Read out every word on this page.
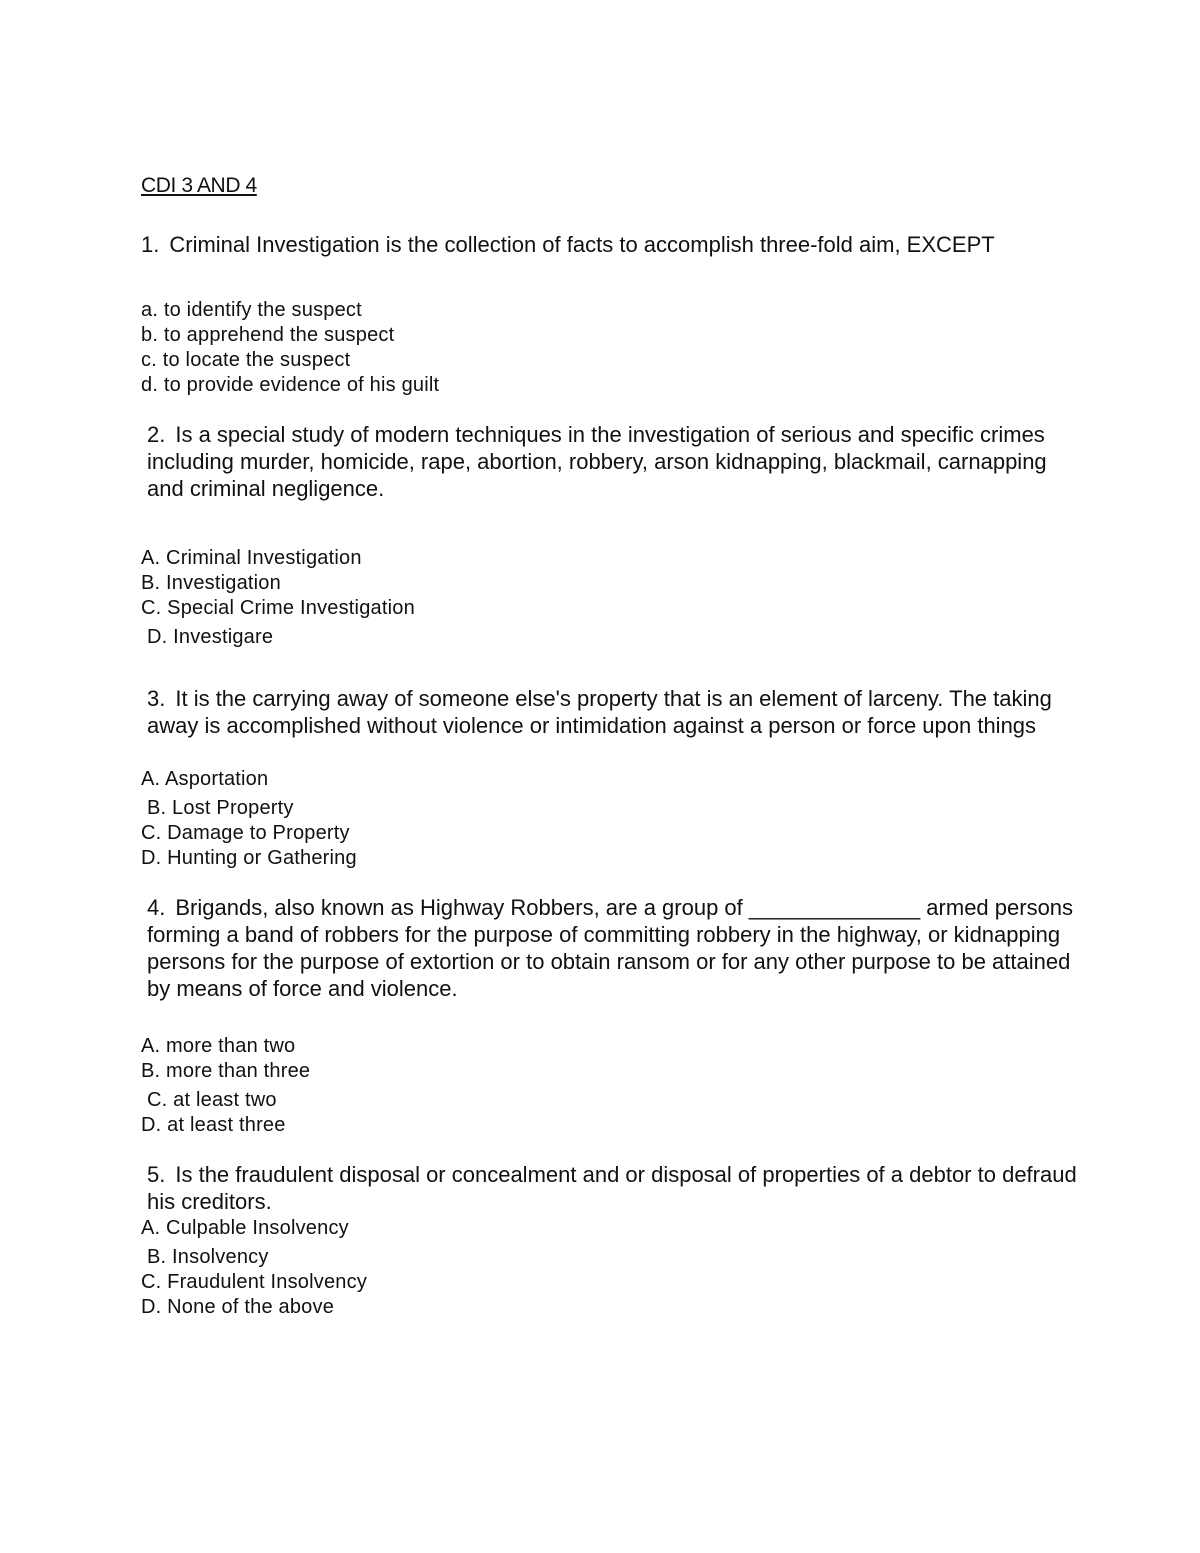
CDI 3 AND 4

1. Criminal Investigation is the collection of facts to accomplish three-fold aim, EXCEPT

a. to identify the suspect
b. to apprehend the suspect
c. to locate the suspect
d. to provide evidence of his guilt

2. Is a special study of modern techniques in the investigation of serious and specific crimes including murder, homicide, rape, abortion, robbery, arson kidnapping, blackmail, carnapping and criminal negligence.

A. Criminal Investigation
B. Investigation
C. Special Crime Investigation
D. Investigare

3. It is the carrying away of someone else's property that is an element of larceny. The taking away is accomplished without violence or intimidation against a person or force upon things

A. Asportation
B. Lost Property
C. Damage to Property
D. Hunting or Gathering

4. Brigands, also known as Highway Robbers, are a group of ______________ armed persons forming a band of robbers for the purpose of committing robbery in the highway, or kidnapping persons for the purpose of extortion or to obtain ransom or for any other purpose to be attained by means of force and violence.

A. more than two
B. more than three
C. at least two
D. at least three

5. Is the fraudulent disposal or concealment and or disposal of properties of a debtor to defraud his creditors.

A. Culpable Insolvency
B. Insolvency
C. Fraudulent Insolvency
D. None of the above
